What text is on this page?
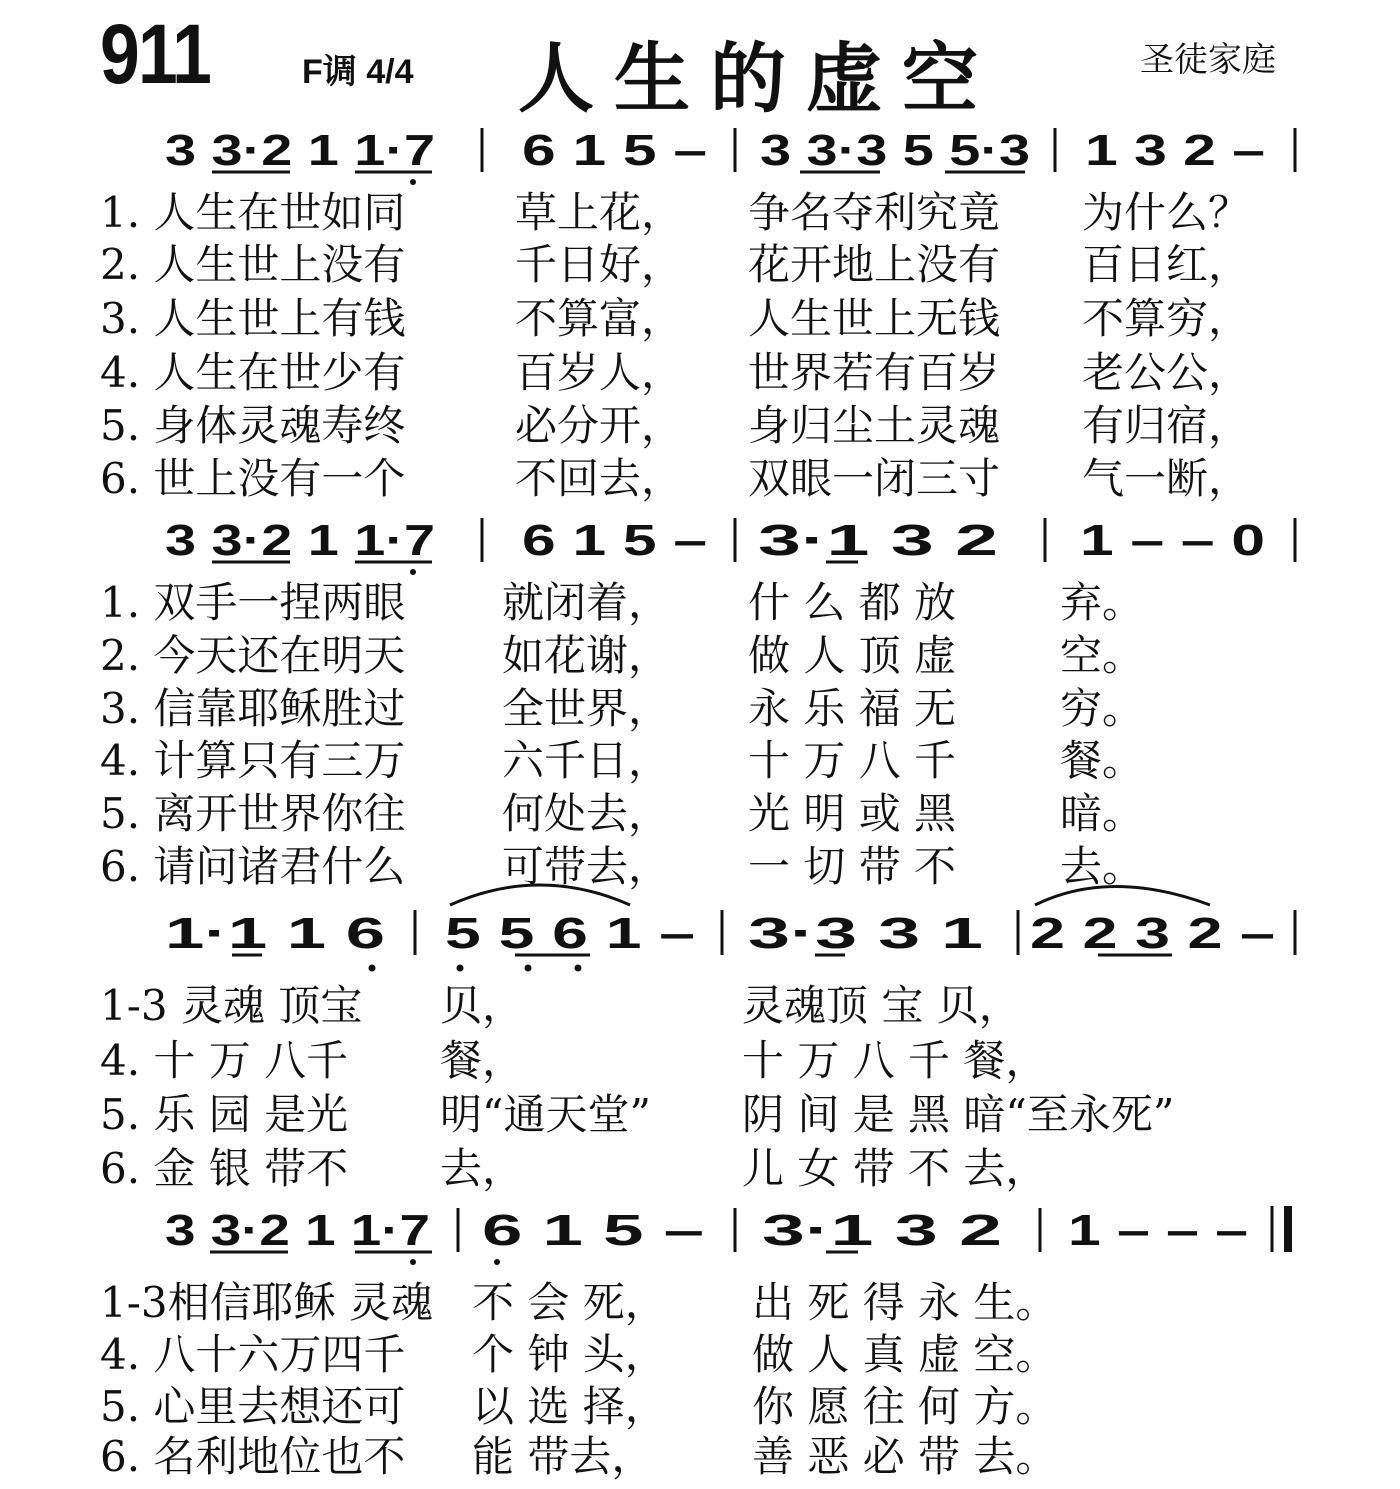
911	F调 4/4 人生的虚空	圣徒家庭
3 3·2 1 1·7 6 1 5 – 3 3·3 5 5·3 1 3 2 –
3 3·2 1 1·7 6 1 5 – 3·1 3 2 1 – – 0
1·1 1 6 5 5 6 1 – 3·3 3 1 2 2 3 2 –
3 3·2 1 1·7 6 1 5 – 3·1 3 2 1 – – –
1. 人生在世如同	草上花， 争名夺利究竟 为什么？
2. 人生世上没有	千日好， 花开地上没有 百日红，
3. 人生世上有钱	不算富， 人生世上无钱 不算穷，
4. 人生在世少有	百岁人， 世界若有百岁 老公公，
5. 身体灵魂寿终	必分开， 身归尘土灵魂 有归宿，
6. 世上没有一个	不回去， 双眼一闭三寸 气一断，
1. 双手一捏两眼 就闭着， 什 么 都 放 弃。
2. 今天还在明天 如花谢， 做 人 顶 虚 空。
3. 信靠耶稣胜过 全世界， 永 乐 福 无 穷。
4. 计算只有三万 六千日， 十 万 八 千 餐。
5. 离开世界你往 何处去， 光 明 或 黑 暗。
6. 请问诸君什么 可带去， 一 切 带 不 去。
1-3 灵魂 顶宝 贝，	灵魂顶 宝 贝，
4. 十 万 八千 餐，	十 万 八 千 餐，
5. 乐 园 是光 明“通天堂” 阴 间 是 黑 暗“至永死”
6. 金 银 带不 去，	儿 女 带 不 去，
1-3相信耶稣 灵魂 不 会 死， 出 死 得 永 生。
4. 八十六万四千 个 钟 头， 做 人 真 虚 空。
5. 心里去想还可 以 选 择， 你 愿 往 何 方。
6. 名利地位也不 能 带去， 善 恶 必 带 去。
